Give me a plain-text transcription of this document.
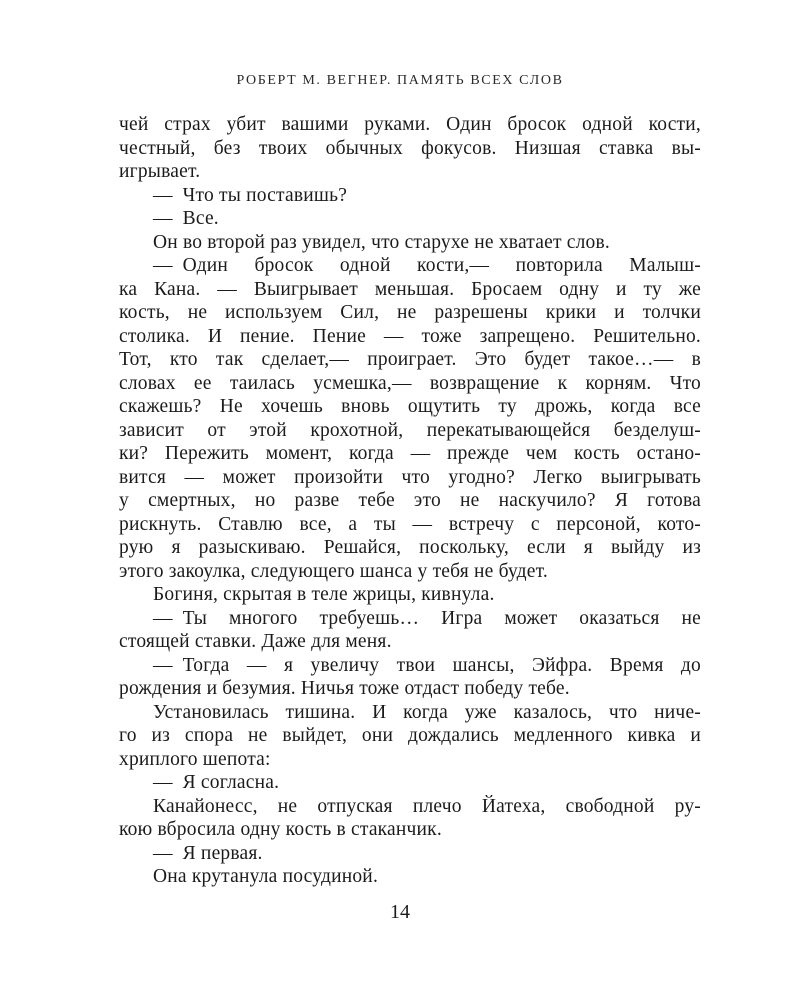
РОБЕРТ М. ВЕГНЕР. ПАМЯТЬ ВСЕХ СЛОВ
чей страх убит вашими руками. Один бросок одной кости,
честный, без твоих обычных фокусов. Низшая ставка вы-
игрывает.
— Что ты поставишь?
— Все.
Он во второй раз увидел, что старухе не хватает слов.
— Один бросок одной кости,— повторила Малыш-
ка Кана. — Выигрывает меньшая. Бросаем одну и ту же
кость, не используем Сил, не разрешены крики и толчки
столика. И пение. Пение — тоже запрещено. Решительно.
Тот, кто так сделает,— проиграет. Это будет такое…— в
словах ее таилась усмешка,— возвращение к корням. Что
скажешь? Не хочешь вновь ощутить ту дрожь, когда все
зависит от этой крохотной, перекатывающейся безделуш-
ки? Пережить момент, когда — прежде чем кость остано-
вится — может произойти что угодно? Легко выигрывать
у смертных, но разве тебе это не наскучило? Я готова
рискнуть. Ставлю все, а ты — встречу с персоной, кото-
рую я разыскиваю. Решайся, поскольку, если я выйду из
этого закоулка, следующего шанса у тебя не будет.
Богиня, скрытая в теле жрицы, кивнула.
— Ты многого требуешь… Игра может оказаться не
стоящей ставки. Даже для меня.
— Тогда — я увеличу твои шансы, Эйфра. Время до
рождения и безумия. Ничья тоже отдаст победу тебе.
Установилась тишина. И когда уже казалось, что ниче-
го из спора не выйдет, они дождались медленного кивка и
хриплого шепота:
— Я согласна.
Канайонесс, не отпуская плечо Йатеха, свободной ру-
кою вбросила одну кость в стаканчик.
— Я первая.
Она крутанула посудиной.
14
